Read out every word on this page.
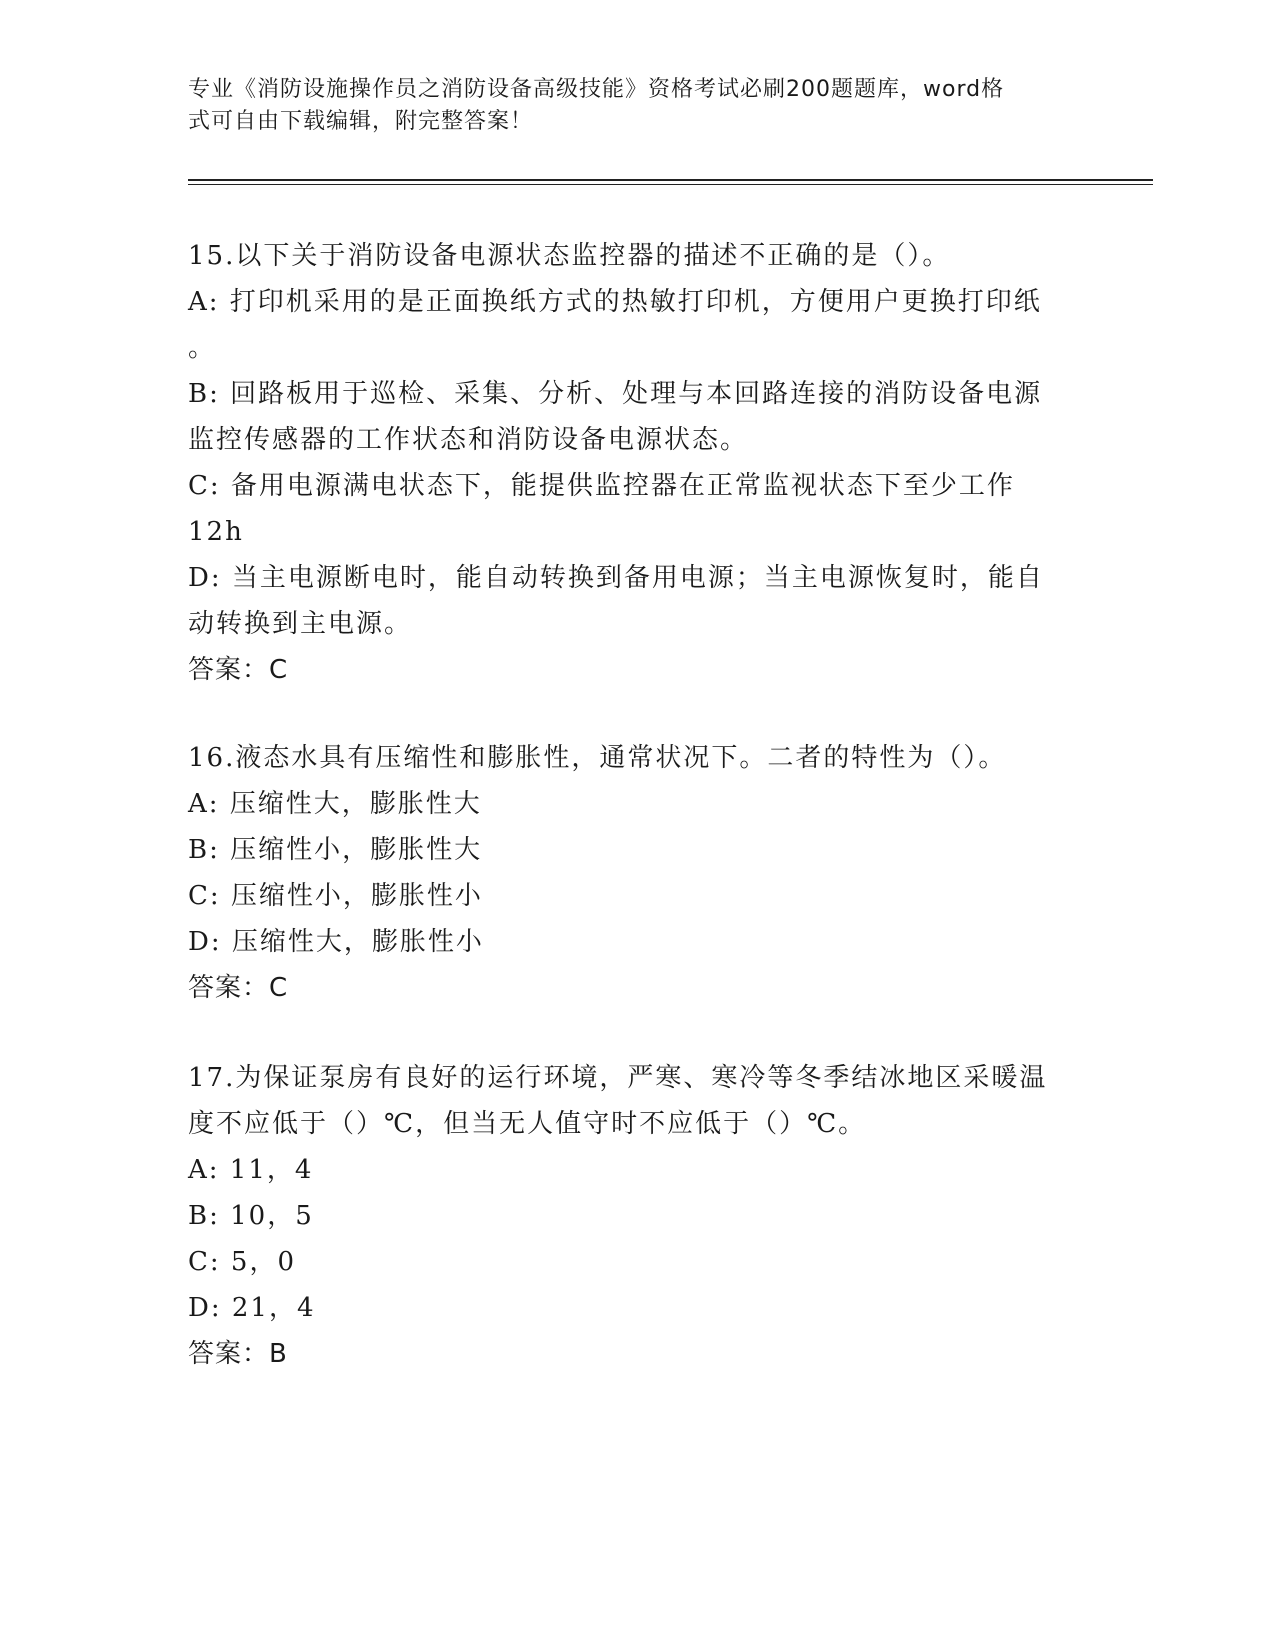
专业《消防设施操作员之消防设备高级技能》资格考试必刷200题题库，word格
式可自由下载编辑，附完整答案！
15.以下关于消防设备电源状态监控器的描述不正确的是（）。
A: 打印机采用的是正面换纸方式的热敏打印机，方便用户更换打印纸
。
B: 回路板用于巡检、采集、分析、处理与本回路连接的消防设备电源
监控传感器的工作状态和消防设备电源状态。
C: 备用电源满电状态下，能提供监控器在正常监视状态下至少工作
12h
D: 当主电源断电时，能自动转换到备用电源；当主电源恢复时，能自
动转换到主电源。
答案：C
16.液态水具有压缩性和膨胀性，通常状况下。二者的特性为（）。
A: 压缩性大，膨胀性大
B: 压缩性小，膨胀性大
C: 压缩性小，膨胀性小
D: 压缩性大，膨胀性小
答案：C
17.为保证泵房有良好的运行环境，严寒、寒冷等冬季结冰地区采暖温
度不应低于（）℃，但当无人值守时不应低于（）℃。
A: 11，4
B: 10，5
C: 5，0
D: 21，4
答案：B
